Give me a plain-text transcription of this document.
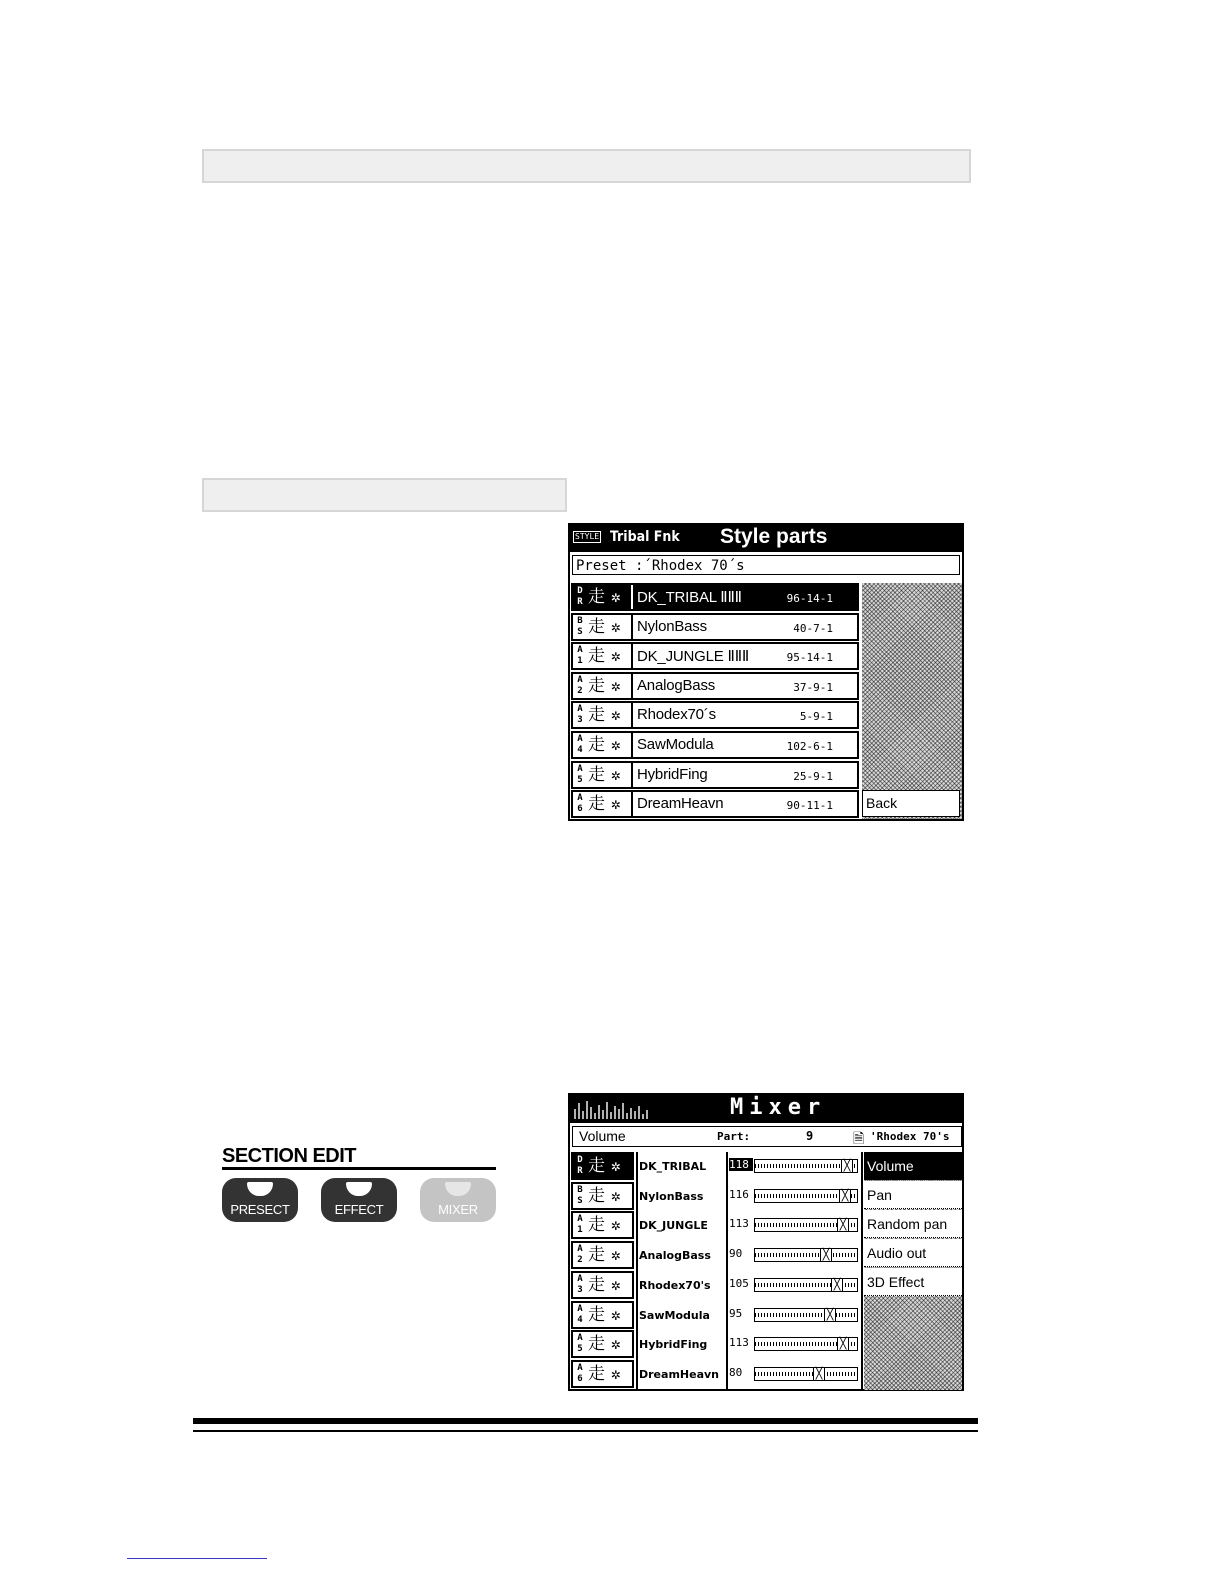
STYLE Tribal Fnk Style parts
Preset :´Rhodex 70´s
D R 走 ✲ DK_TRIBAL ⅡⅡⅡ	96-14-1
B S 走 ✲ NylonBass	40-7-1
A 1 走 ✲ DK_JUNGLE ⅡⅡⅡ	95-14-1
A 2 走 ✲ AnalogBass	37-9-1
A 3 走 ✲ Rhodex70´s	5-9-1
A 4 走 ✲ SawModula	102-6-1
A 5 走 ✲ HybridFing	25-9-1
A 6 走 ✲ DreamHeavn	90-11-1 Back
Mixer
Volume	Part:	9	🗎 'Rhodex 70's
D R 走 ✲ DK_TRIBAL	118	╳
B S 走 ✲ NylonBass	116	╳
A 1 走 ✲ DK_JUNGLE	113	╳
A 2 走 ✲ AnalogBass	90	╳
A 3 走 ✲ Rhodex70's	105	╳
A 4 走 ✲ SawModula	95	╳
A 5 走 ✲ HybridFing	113	╳
A 6 走 ✲ DreamHeavn 80	╳
Volume
Pan
Random pan
Audio out
3D Effect
SECTION EDIT
PRESECT	EFFECT	MIXER
